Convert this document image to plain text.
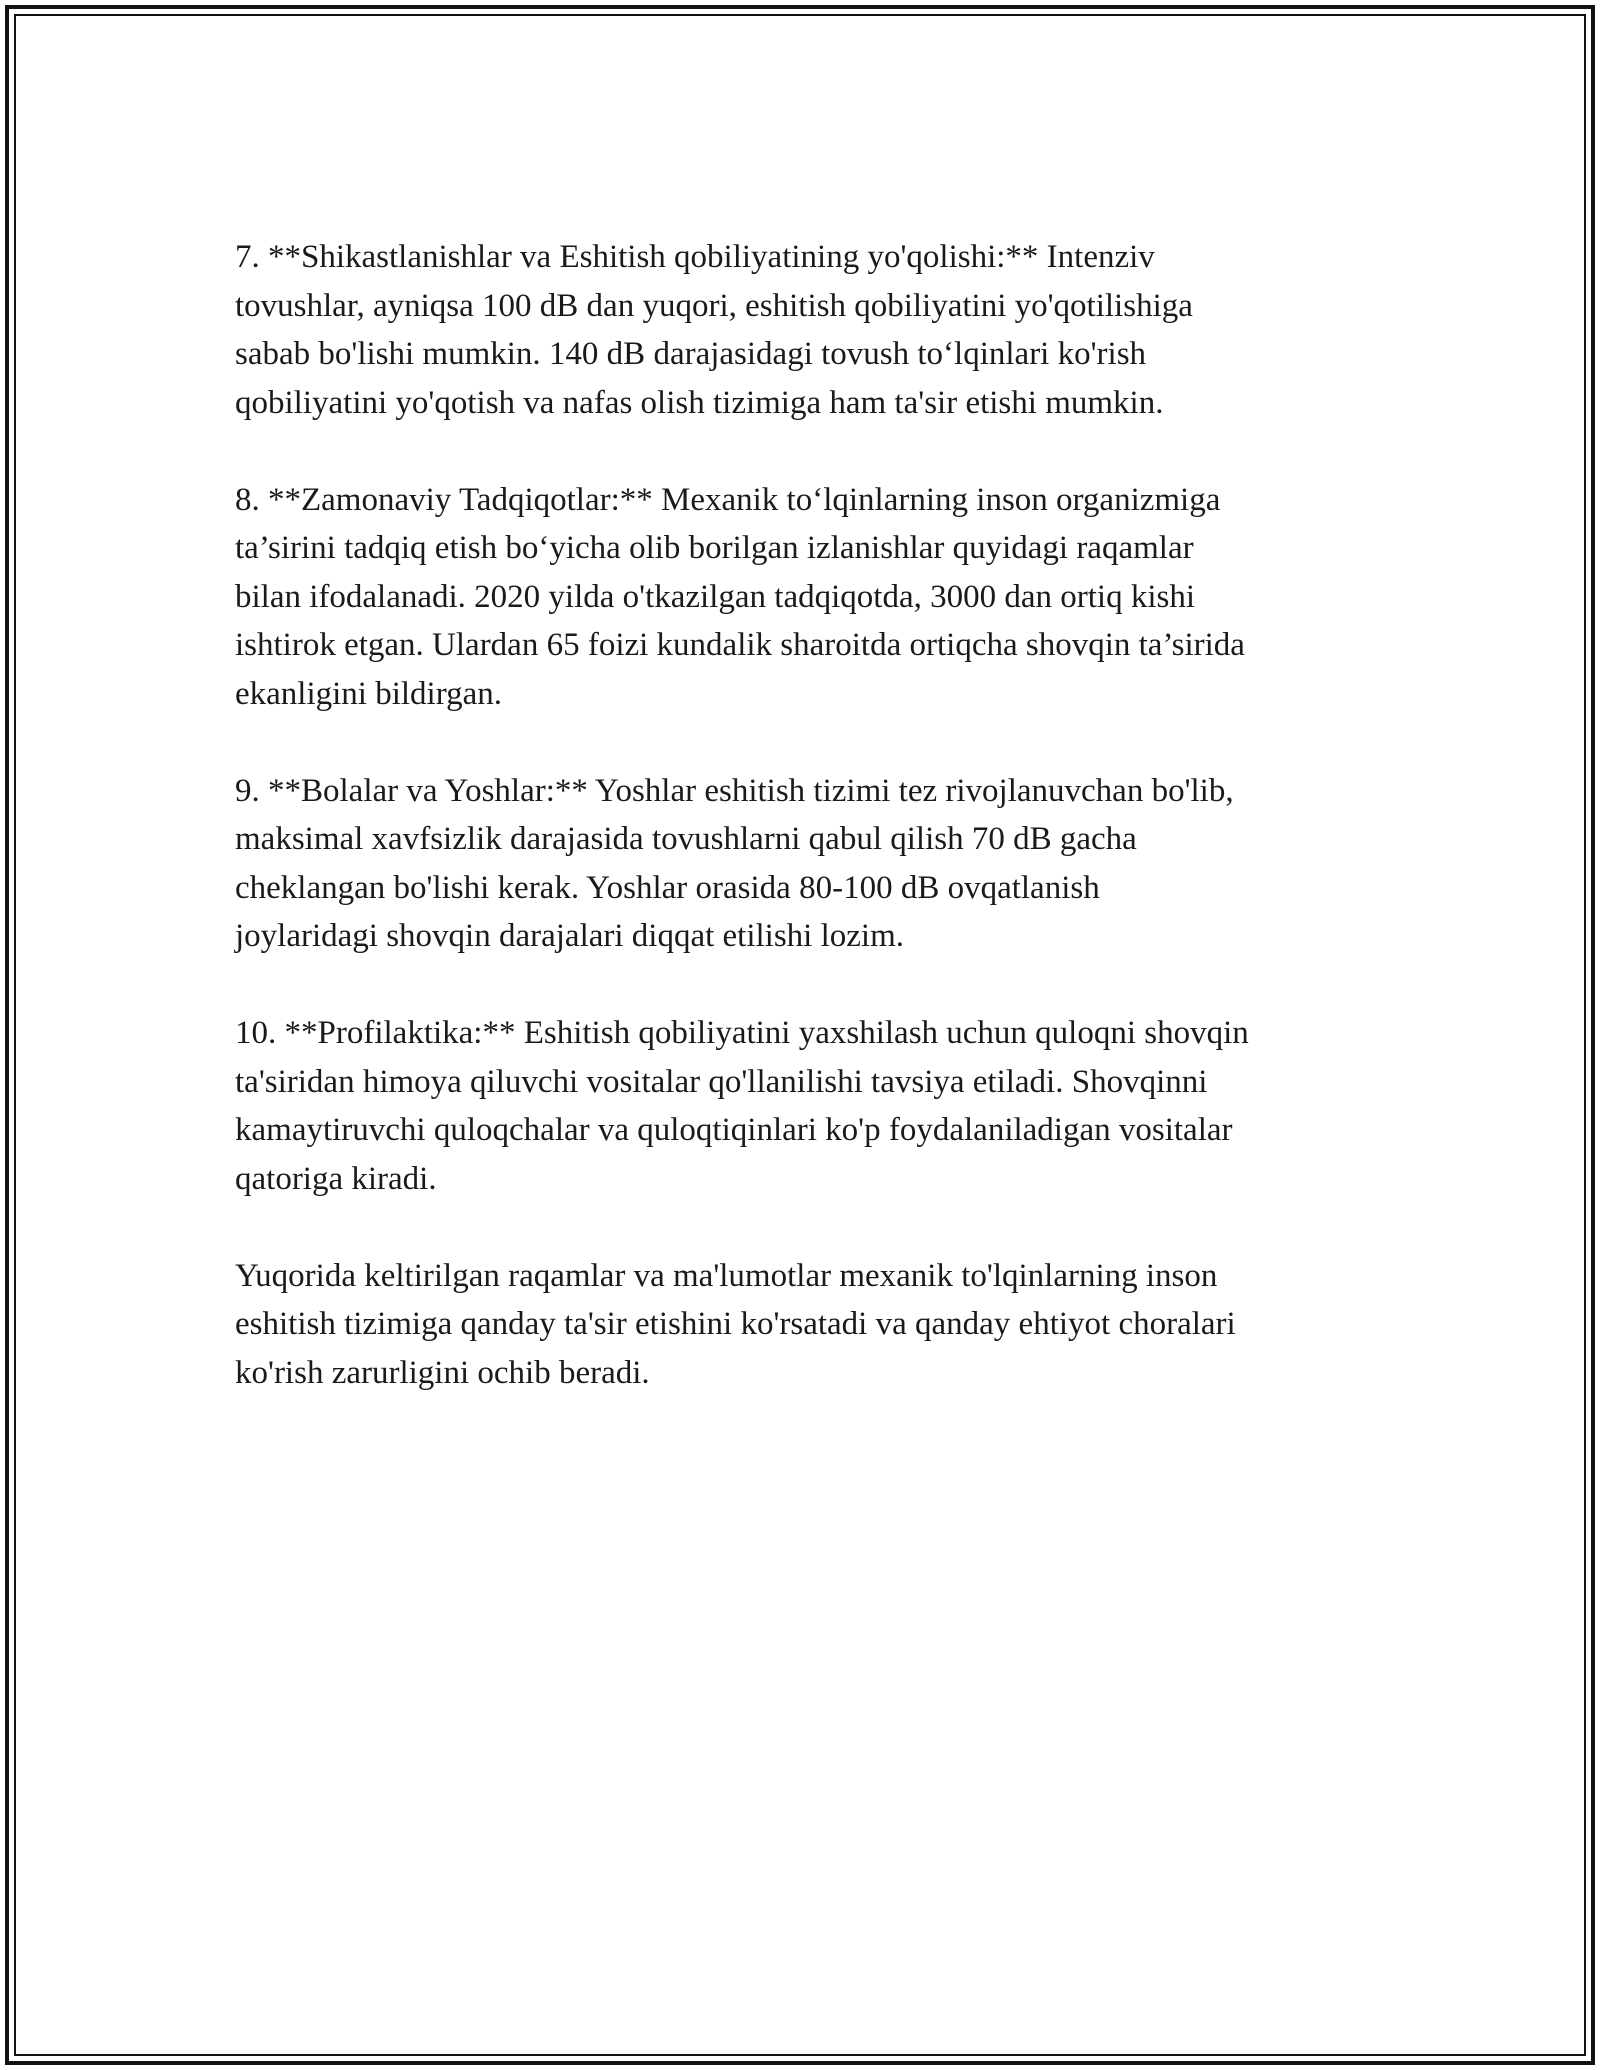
7. **Shikastlanishlar va Eshitish qobiliyatining yo'qolishi:** Intenziv
tovushlar, ayniqsa 100 dB dan yuqori, eshitish qobiliyatini yo'qotilishiga
sabab bo'lishi mumkin. 140 dB darajasidagi tovush to‘lqinlari ko'rish
qobiliyatini yo'qotish va nafas olish tizimiga ham ta'sir etishi mumkin.

8. **Zamonaviy Tadqiqotlar:** Mexanik to‘lqinlarning inson organizmiga
ta’sirini tadqiq etish bo‘yicha olib borilgan izlanishlar quyidagi raqamlar
bilan ifodalanadi. 2020 yilda o'tkazilgan tadqiqotda, 3000 dan ortiq kishi
ishtirok etgan. Ulardan 65 foizi kundalik sharoitda ortiqcha shovqin ta’sirida
ekanligini bildirgan.

9. **Bolalar va Yoshlar:** Yoshlar eshitish tizimi tez rivojlanuvchan bo'lib,
maksimal xavfsizlik darajasida tovushlarni qabul qilish 70 dB gacha
cheklangan bo'lishi kerak. Yoshlar orasida 80-100 dB ovqatlanish
joylaridagi shovqin darajalari diqqat etilishi lozim.

10. **Profilaktika:** Eshitish qobiliyatini yaxshilash uchun quloqni shovqin
ta'siridan himoya qiluvchi vositalar qo'llanilishi tavsiya etiladi. Shovqinni
kamaytiruvchi quloqchalar va quloqtiqinlari ko'p foydalaniladigan vositalar
qatoriga kiradi.

Yuqorida keltirilgan raqamlar va ma'lumotlar mexanik to'lqinlarning inson
eshitish tizimiga qanday ta'sir etishini ko'rsatadi va qanday ehtiyot choralari
ko'rish zarurligini ochib beradi.
